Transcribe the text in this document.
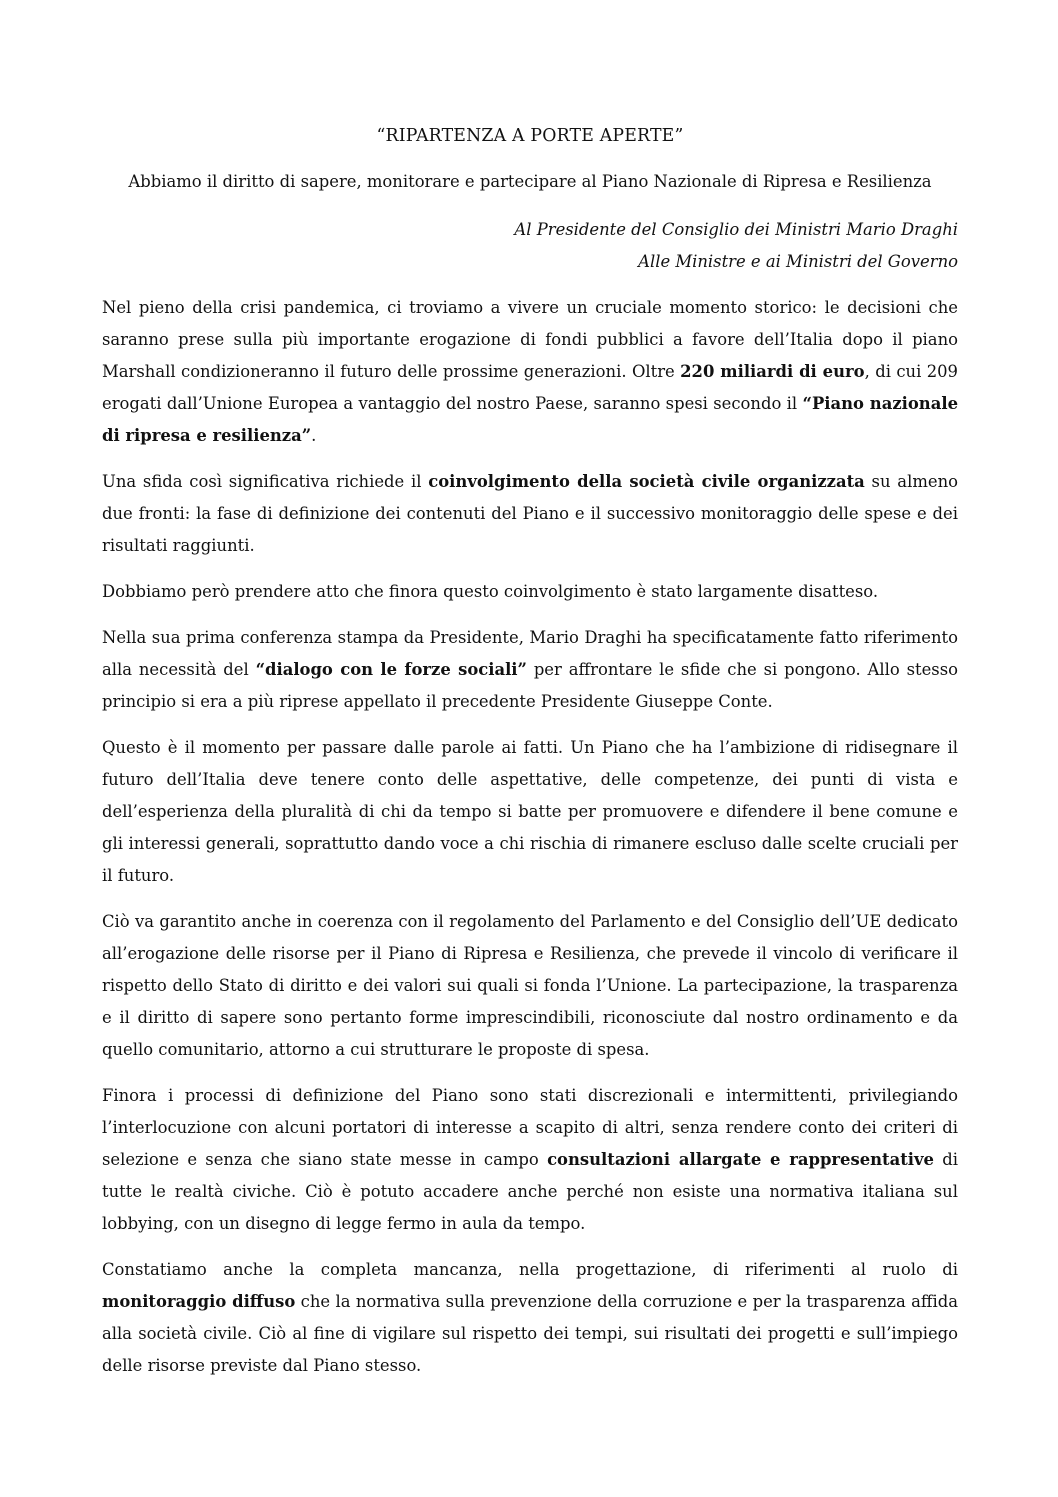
“RIPARTENZA A PORTE APERTE”
Abbiamo il diritto di sapere, monitorare e partecipare al Piano Nazionale di Ripresa e Resilienza
Al Presidente del Consiglio dei Ministri Mario Draghi
Alle Ministre e ai Ministri del Governo

Nel pieno della crisi pandemica, ci troviamo a vivere un cruciale momento storico: le decisioni che saranno prese sulla più importante erogazione di fondi pubblici a favore dell’Italia dopo il piano Marshall condizioneranno il futuro delle prossime generazioni. Oltre 220 miliardi di euro, di cui 209 erogati dall’Unione Europea a vantaggio del nostro Paese, saranno spesi secondo il “Piano nazionale di ripresa e resilienza”.

Una sfida così significativa richiede il coinvolgimento della società civile organizzata su almeno due fronti: la fase di definizione dei contenuti del Piano e il successivo monitoraggio delle spese e dei risultati raggiunti.

Dobbiamo però prendere atto che finora questo coinvolgimento è stato largamente disatteso.

Nella sua prima conferenza stampa da Presidente, Mario Draghi ha specificatamente fatto riferimento alla necessità del “dialogo con le forze sociali” per affrontare le sfide che si pongono. Allo stesso principio si era a più riprese appellato il precedente Presidente Giuseppe Conte.

Questo è il momento per passare dalle parole ai fatti. Un Piano che ha l’ambizione di ridisegnare il futuro dell’Italia deve tenere conto delle aspettative, delle competenze, dei punti di vista e dell’esperienza della pluralità di chi da tempo si batte per promuovere e difendere il bene comune e gli interessi generali, soprattutto dando voce a chi rischia di rimanere escluso dalle scelte cruciali per il futuro.

Ciò va garantito anche in coerenza con il regolamento del Parlamento e del Consiglio dell’UE dedicato all’erogazione delle risorse per il Piano di Ripresa e Resilienza, che prevede il vincolo di verificare il rispetto dello Stato di diritto e dei valori sui quali si fonda l’Unione. La partecipazione, la trasparenza e il diritto di sapere sono pertanto forme imprescindibili, riconosciute dal nostro ordinamento e da quello comunitario, attorno a cui strutturare le proposte di spesa.

Finora i processi di definizione del Piano sono stati discrezionali e intermittenti, privilegiando l’interlocuzione con alcuni portatori di interesse a scapito di altri, senza rendere conto dei criteri di selezione e senza che siano state messe in campo consultazioni allargate e rappresentative di tutte le realtà civiche. Ciò è potuto accadere anche perché non esiste una normativa italiana sul lobbying, con un disegno di legge fermo in aula da tempo.

Constatiamo anche la completa mancanza, nella progettazione, di riferimenti al ruolo di monitoraggio diffuso che la normativa sulla prevenzione della corruzione e per la trasparenza affida alla società civile. Ciò al fine di vigilare sul rispetto dei tempi, sui risultati dei progetti e sull’impiego delle risorse previste dal Piano stesso.
